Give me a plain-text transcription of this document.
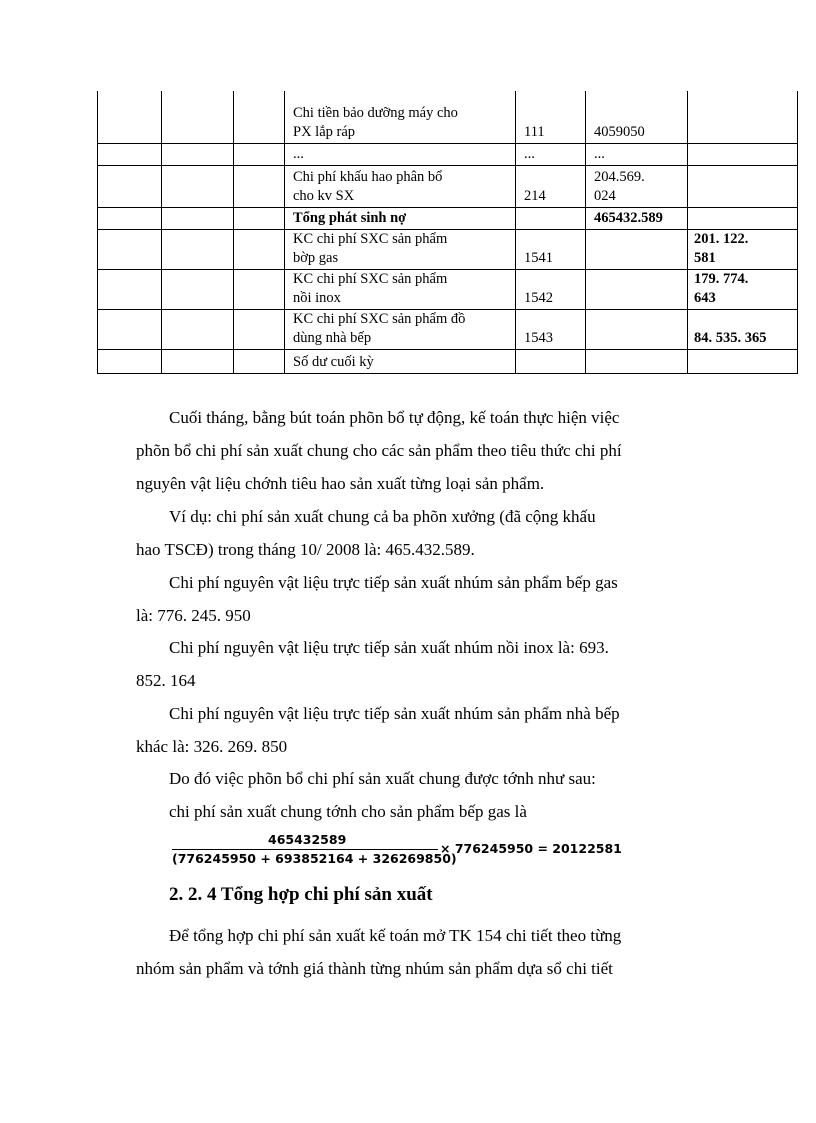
			Chi tiền bảo dưỡng máy cho
PX lắp ráp	111	4059050	

			...	...	...	

			Chi phí khấu hao phân bổ
cho kv SX	214	204.569.
024	

			Tổng phát sinh nợ		465432.589	

			KC chi phí SXC sản phẩm
bờp gas	1541		201. 122.
581

			KC chi phí SXC sản phẩm
nồi inox	1542		179. 774.
643

			KC chi phí SXC sản phẩm đồ
dùng nhà bếp	1543		84. 535. 365

			Số dư cuối kỳ			

Cuối tháng, bằng bút toán phõn bổ tự động, kế toán thực hiện việc
phõn bổ chi phí sản xuất chung cho các sản phẩm theo tiêu thức chi phí
nguyên vật liệu chớnh tiêu hao sản xuất từng loại sản phẩm.

Ví dụ: chi phí sản xuất chung cả ba phõn xưởng (đã cộng khấu
hao TSCĐ) trong tháng 10/ 2008 là: 465.432.589.

Chi phí nguyên vật liệu trực tiếp sản xuất nhúm sản phẩm bếp gas
là: 776. 245. 950

Chi phí nguyên vật liệu trực tiếp sản xuất nhúm nồi inox là: 693.
852. 164

Chi phí nguyên vật liệu trực tiếp sản xuất nhúm sản phẩm nhà bếp
khác là: 326. 269. 850

Do đó việc phõn bổ chi phí sản xuất chung được tớnh như sau:

chi phí sản xuất chung tớnh cho sản phẩm bếp gas là

465432589
(776245950 + 693852164 + 326269850)
× 776245950 = 20122581
2. 2. 4 Tổng hợp chi phí sản xuất

Để tổng hợp chi phí sản xuất kế toán mở TK 154 chi tiết theo từng
nhóm sản phẩm và tớnh giá thành từng nhúm sản phẩm dựa sổ chi tiết
